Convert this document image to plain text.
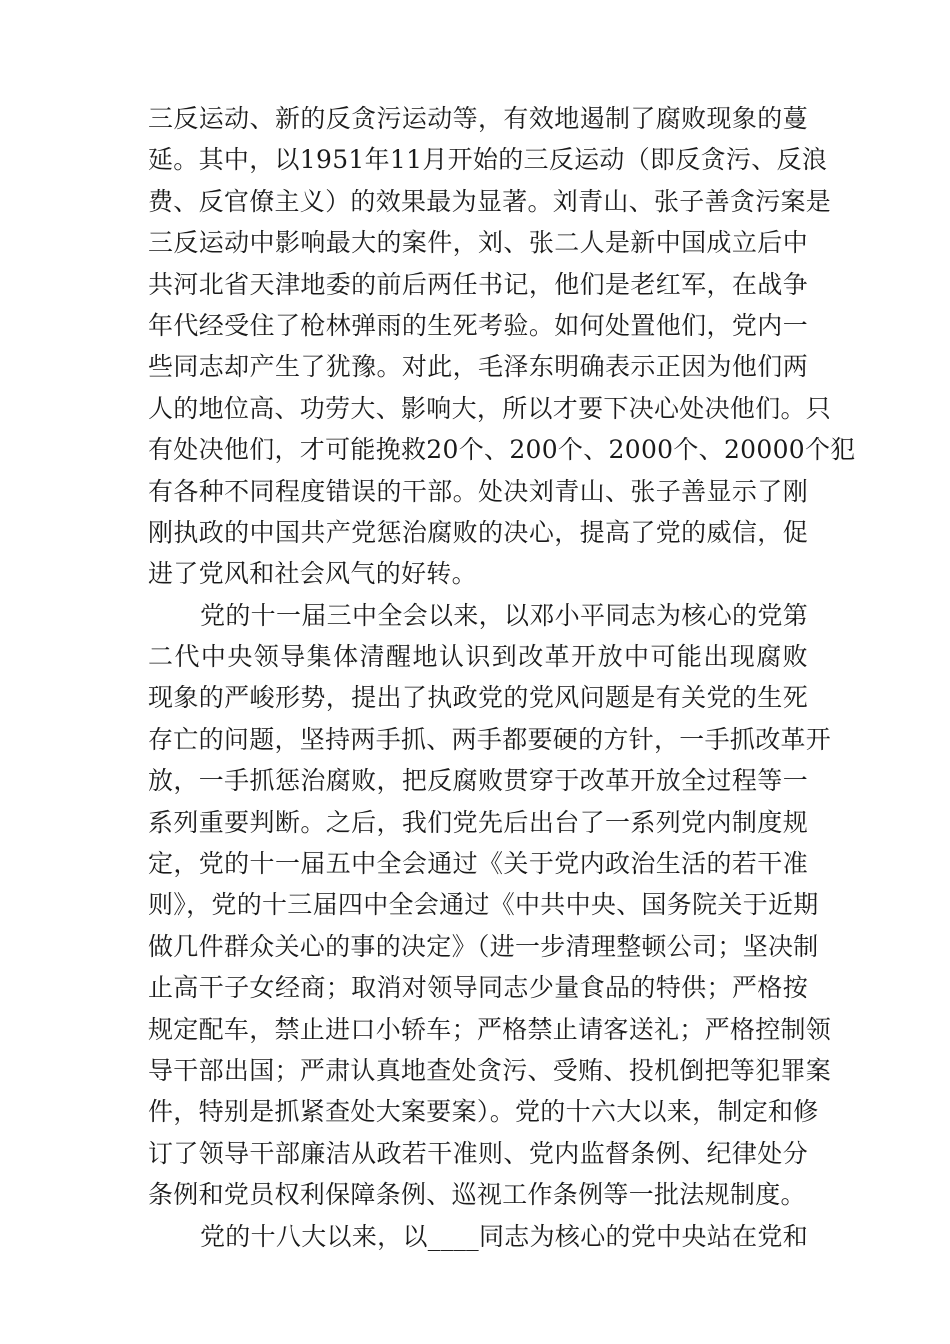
三反运动、新的反贪污运动等，有效地遏制了腐败现象的蔓
延。其中，以1951年11月开始的三反运动（即反贪污、反浪
费、反官僚主义）的效果最为显著。刘青山、张子善贪污案是
三反运动中影响最大的案件，刘、张二人是新中国成立后中
共河北省天津地委的前后两任书记，他们是老红军，在战争
年代经受住了枪林弹雨的生死考验。如何处置他们，党内一
些同志却产生了犹豫。对此，毛泽东明确表示正因为他们两
人的地位高、功劳大、影响大，所以才要下决心处决他们。只
有处决他们，才可能挽救20个、200个、2000个、20000个犯
有各种不同程度错误的干部。处决刘青山、张子善显示了刚
刚执政的中国共产党惩治腐败的决心，提高了党的威信，促
进了党风和社会风气的好转。
党的十一届三中全会以来，以邓小平同志为核心的党第
二代中央领导集体清醒地认识到改革开放中可能出现腐败
现象的严峻形势，提出了执政党的党风问题是有关党的生死
存亡的问题，坚持两手抓、两手都要硬的方针，一手抓改革开
放，一手抓惩治腐败，把反腐败贯穿于改革开放全过程等一
系列重要判断。之后，我们党先后出台了一系列党内制度规
定，党的十一届五中全会通过《关于党内政治生活的若干准
则》，党的十三届四中全会通过《中共中央、国务院关于近期
做几件群众关心的事的决定》（进一步清理整顿公司；坚决制
止高干子女经商；取消对领导同志少量食品的特供；严格按
规定配车，禁止进口小轿车；严格禁止请客送礼；严格控制领
导干部出国；严肃认真地查处贪污、受贿、投机倒把等犯罪案
件，特别是抓紧查处大案要案）。党的十六大以来，制定和修
订了领导干部廉洁从政若干准则、党内监督条例、纪律处分
条例和党员权利保障条例、巡视工作条例等一批法规制度。
党的十八大以来，以____同志为核心的党中央站在党和
